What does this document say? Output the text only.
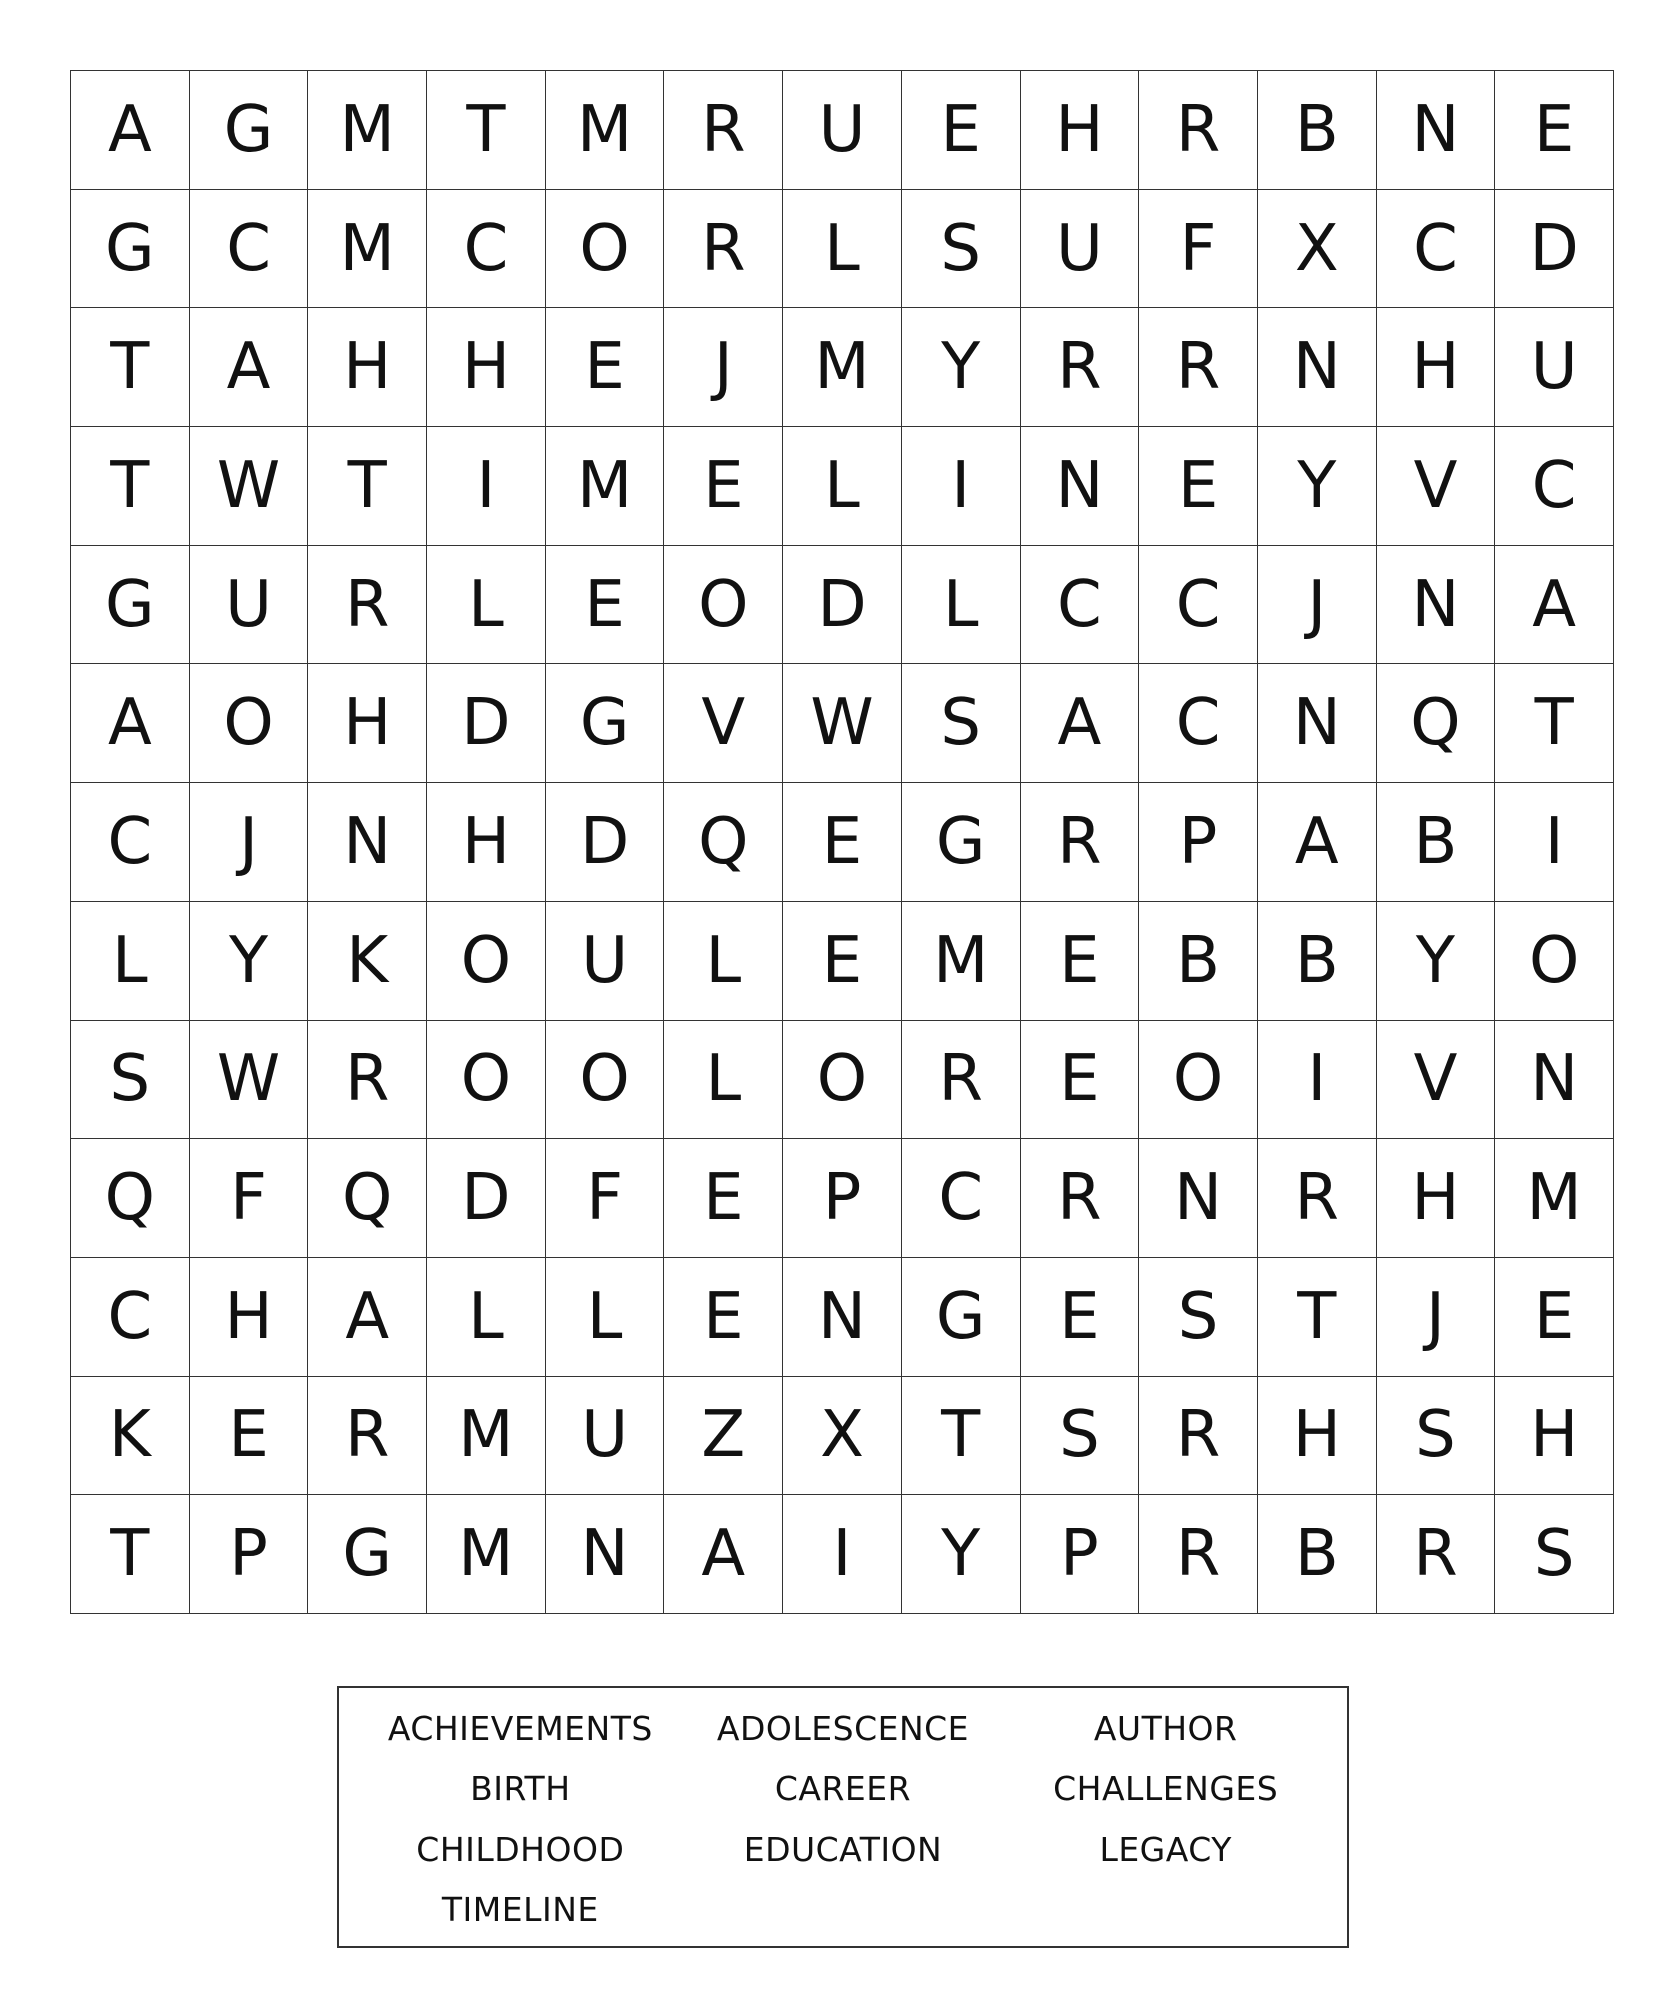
A	G	M	T	M	R	U	E	H	R	B	N	E
G	C	M	C	O	R	L	S	U	F	X	C	D
T	A	H	H	E	J	M	Y	R	R	N	H	U
T	W	T	I	M	E	L	I	N	E	Y	V	C
G	U	R	L	E	O	D	L	C	C	J	N	A
A	O	H	D	G	V	W	S	A	C	N	Q	T
C	J	N	H	D	Q	E	G	R	P	A	B	I
L	Y	K	O	U	L	E	M	E	B	B	Y	O
S	W	R	O	O	L	O	R	E	O	I	V	N
Q	F	Q	D	F	E	P	C	R	N	R	H	M
C	H	A	L	L	E	N	G	E	S	T	J	E
K	E	R	M	U	Z	X	T	S	R	H	S	H
T	P	G	M	N	A	I	Y	P	R	B	R	S
ACHIEVEMENTS	ADOLESCENCE	AUTHOR
BIRTH	CAREER	CHALLENGES
CHILDHOOD	EDUCATION	LEGACY
TIMELINE
